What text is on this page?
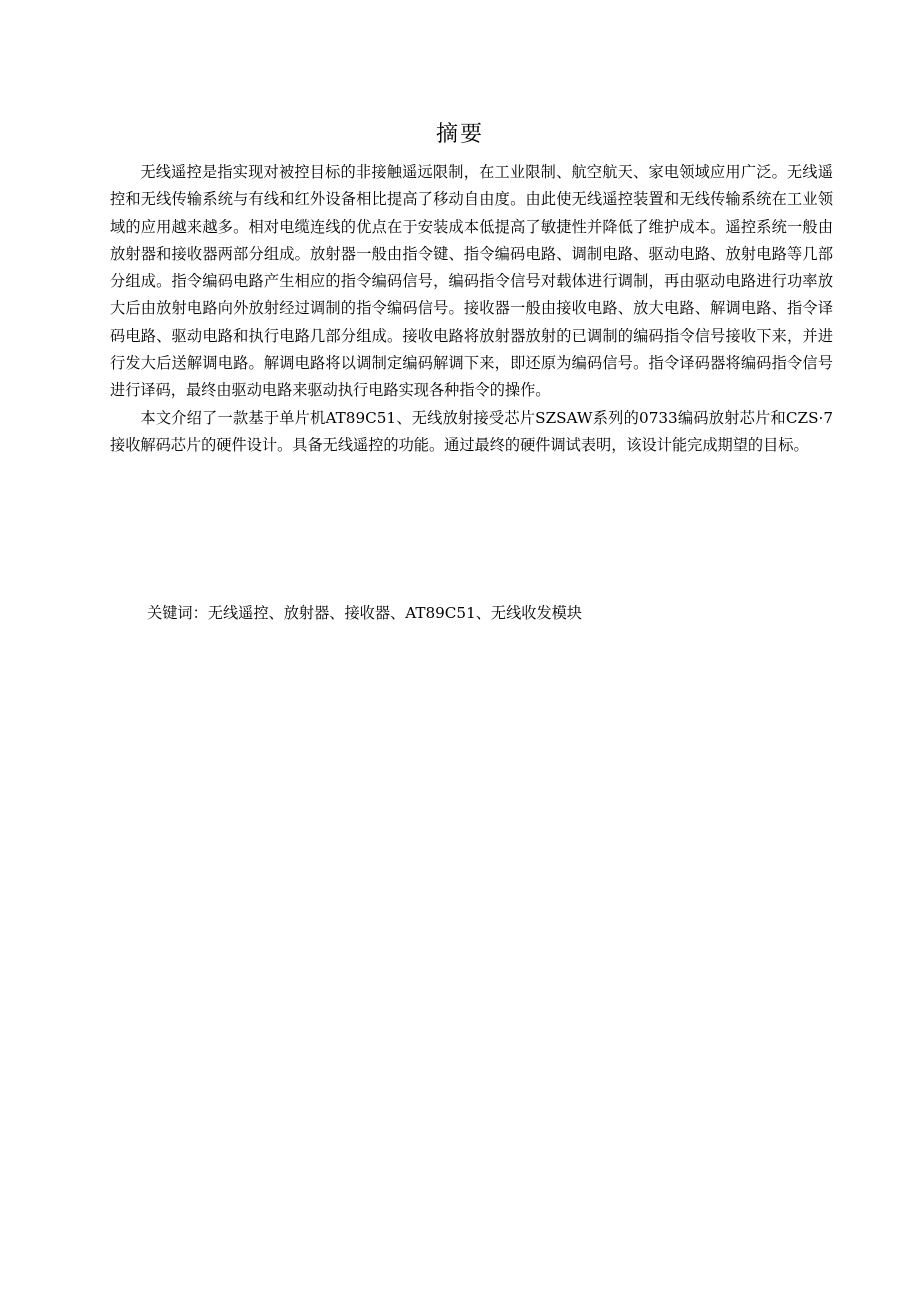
摘要

无线遥控是指实现对被控目标的非接触遥远限制，在工业限制、航空航天、家电领域应用广泛。无线遥控和无线传输系统与有线和红外设备相比提高了移动自由度。由此使无线遥控装置和无线传输系统在工业领域的应用越来越多。相对电缆连线的优点在于安装成本低提高了敏捷性并降低了维护成本。遥控系统一般由放射器和接收器两部分组成。放射器一般由指令键、指令编码电路、调制电路、驱动电路、放射电路等几部分组成。指令编码电路产生相应的指令编码信号，编码指令信号对载体进行调制，再由驱动电路进行功率放大后由放射电路向外放射经过调制的指令编码信号。接收器一般由接收电路、放大电路、解调电路、指令译码电路、驱动电路和执行电路几部分组成。接收电路将放射器放射的已调制的编码指令信号接收下来，并进行发大后送解调电路。解调电路将以调制定编码解调下来，即还原为编码信号。指令译码器将编码指令信号进行译码，最终由驱动电路来驱动执行电路实现各种指令的操作。

本文介绍了一款基于单片机AT89C51、无线放射接受芯片SZSAW系列的0733编码放射芯片和CZS·7接收解码芯片的硬件设计。具备无线遥控的功能。通过最终的硬件调试表明，该设计能完成期望的目标。

关键词：无线遥控、放射器、接收器、AT89C51、无线收发模块
